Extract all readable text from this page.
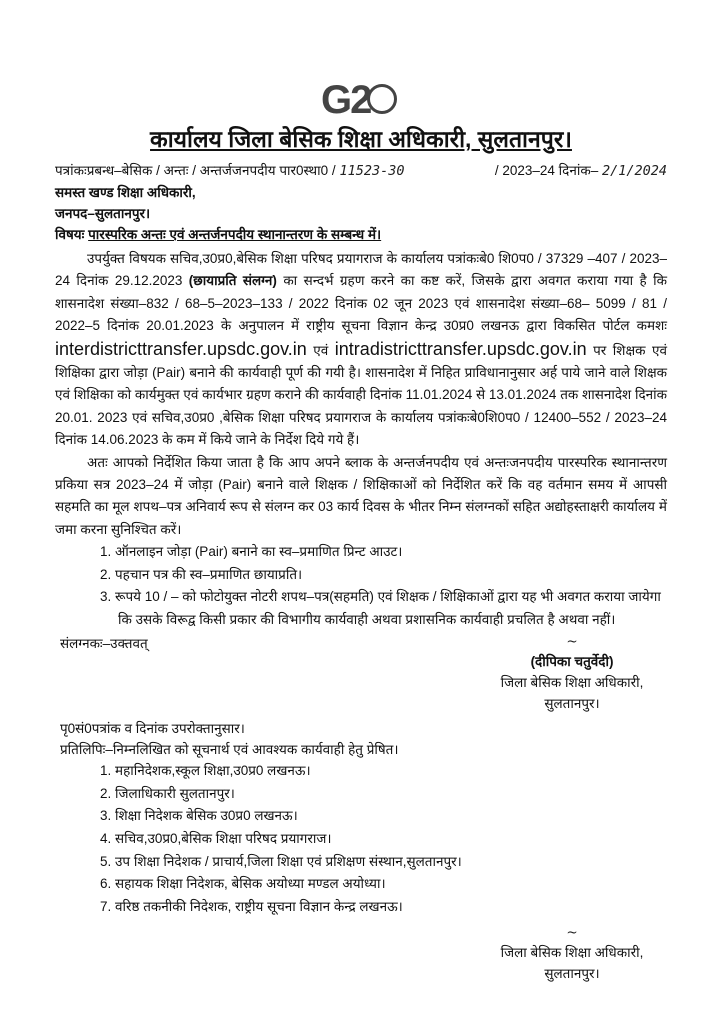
G2
कार्यालय जिला बेसिक शिक्षा अधिकारी, सुलतानपुर।
पत्रांकःप्रबन्ध–बेसिक / अन्तः / अन्तर्जजनपदीय पार0स्था0 / 11523-30	/ 2023–24 दिनांक– 2/1/2024
समस्त खण्ड शिक्षा अधिकारी,
जनपद–सुलतानपुर।
विषयः पारस्परिक अन्तः एवं अन्तर्जनपदीय स्थानान्तरण के सम्बन्ध में।
उपर्युक्त विषयक सचिव,उ0प्र0,बेसिक शिक्षा परिषद प्रयागराज के कार्यालय पत्रांकःबे0 शि0प0 / 37329 –407 / 2023–24 दिनांक 29.12.2023 (छायाप्रति संलग्न) का सन्दर्भ ग्रहण करने का कष्ट करें, जिसके द्वारा अवगत कराया गया है कि शासनादेश संख्या–832 / 68–5–2023–133 / 2022 दिनांक 02 जून 2023 एवं शासनादेश संख्या–68– 5099 / 81 / 2022–5 दिनांक 20.01.2023 के अनुपालन में राष्ट्रीय सूचना विज्ञान केन्द्र उ0प्र0 लखनऊ द्वारा विकसित पोर्टल कमशः interdistricttransfer.upsdc.gov.in एवं intradistricttransfer.upsdc.gov.in पर शिक्षक एवं शिक्षिका द्वारा जोड़ा (Pair) बनाने की कार्यवाही पूर्ण की गयी है। शासनादेश में निहित प्राविधानानुसार अर्ह पाये जाने वाले शिक्षक एवं शिक्षिका को कार्यमुक्त एवं कार्यभार ग्रहण कराने की कार्यवाही दिनांक 11.01.2024 से 13.01.2024 तक शासनादेश दिनांक 20.01. 2023 एवं सचिव,उ0प्र0 ,बेसिक शिक्षा परिषद प्रयागराज के कार्यालय पत्रांकःबे0शि0प0 / 12400–552 / 2023–24 दिनांक 14.06.2023 के कम में किये जाने के निर्देश दिये गये हैं।
अतः आपको निर्देशित किया जाता है कि आप अपने ब्लाक के अन्तर्जनपदीय एवं अन्तःजनपदीय पारस्परिक स्थानान्तरण प्रकिया सत्र 2023–24 में जोड़ा (Pair) बनाने वाले शिक्षक / शिक्षिकाओं को निर्देशित करें कि वह वर्तमान समय में आपसी सहमति का मूल शपथ–पत्र अनिवार्य रूप से संलग्न कर 03 कार्य दिवस के भीतर निम्न संलग्नकों सहित अद्योहस्ताक्षरी कार्यालय में जमा करना सुनिश्चित करें।
1. ऑनलाइन जोड़ा (Pair) बनाने का स्व–प्रमाणित प्रिन्ट आउट।
2. पहचान पत्र की स्व–प्रमाणित छायाप्रति।
3. रूपये 10 / – को फोटोयुक्त नोटरी शपथ–पत्र(सहमति) एवं शिक्षक / शिक्षिकाओं द्वारा यह भी अवगत कराया जायेगा कि उसके विरूद्व किसी प्रकार की विभागीय कार्यवाही अथवा प्रशासनिक कार्यवाही प्रचलित है अथवा नहीं।
संलग्नकः–उक्तवत्	~
(दीपिका चतुर्वेदी)
जिला बेसिक शिक्षा अधिकारी,
सुलतानपुर।
पृ0सं0पत्रांक व दिनांक उपरोक्तानुसार।
प्रतिलिपिः–निम्नलिखित को सूचनार्थ एवं आवश्यक कार्यवाही हेतु प्रेषित।
1. महानिदेशक,स्कूल शिक्षा,उ0प्र0 लखनऊ।
2. जिलाधिकारी सुलतानपुर।
3. शिक्षा निदेशक बेसिक उ0प्र0 लखनऊ।
4. सचिव,उ0प्र0,बेसिक शिक्षा परिषद प्रयागराज।
5. उप शिक्षा निदेशक / प्राचार्य,जिला शिक्षा एवं प्रशिक्षण संस्थान,सुलतानपुर।
6. सहायक शिक्षा निदेशक, बेसिक अयोध्या मण्डल अयोध्या।
7. वरिष्ठ तकनीकी निदेशक, राष्ट्रीय सूचना विज्ञान केन्द्र लखनऊ।
~
जिला बेसिक शिक्षा अधिकारी,
सुलतानपुर।
